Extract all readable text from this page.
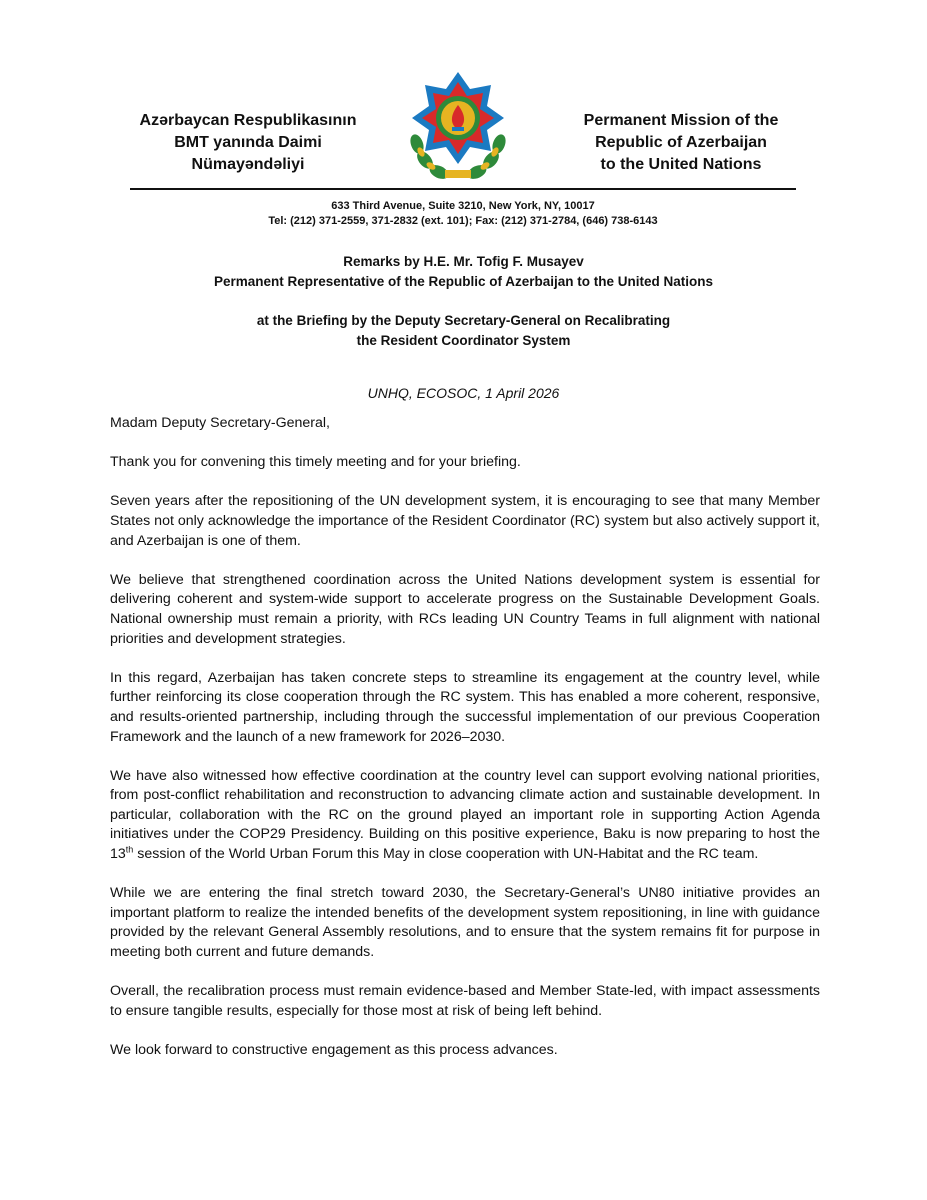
Azərbaycan Respublikasının
BMT yanında Daimi
Nümayəndəliyi
Permanent Mission of the
Republic of Azerbaijan
to the United Nations
633 Third Avenue, Suite 3210, New York, NY, 10017
Tel: (212) 371-2559, 371-2832 (ext. 101); Fax: (212) 371-2784, (646) 738-6143
Remarks by H.E. Mr. Tofig F. Musayev
Permanent Representative of the Republic of Azerbaijan to the United Nations
at the Briefing by the Deputy Secretary-General on Recalibrating
the Resident Coordinator System
UNHQ, ECOSOC, 1 April 2026

Madam Deputy Secretary-General,

Thank you for convening this timely meeting and for your briefing.

Seven years after the repositioning of the UN development system, it is encouraging to see that many Member States not only acknowledge the importance of the Resident Coordinator (RC) system but also actively support it, and Azerbaijan is one of them.

We believe that strengthened coordination across the United Nations development system is essential for delivering coherent and system-wide support to accelerate progress on the Sustainable Development Goals. National ownership must remain a priority, with RCs leading UN Country Teams in full alignment with national priorities and development strategies.

In this regard, Azerbaijan has taken concrete steps to streamline its engagement at the country level, while further reinforcing its close cooperation through the RC system. This has enabled a more coherent, responsive, and results-oriented partnership, including through the successful implementation of our previous Cooperation Framework and the launch of a new framework for 2026–2030.

We have also witnessed how effective coordination at the country level can support evolving national priorities, from post-conflict rehabilitation and reconstruction to advancing climate action and sustainable development. In particular, collaboration with the RC on the ground played an important role in supporting Action Agenda initiatives under the COP29 Presidency. Building on this positive experience, Baku is now preparing to host the 13th session of the World Urban Forum this May in close cooperation with UN-Habitat and the RC team.

While we are entering the final stretch toward 2030, the Secretary-General’s UN80 initiative provides an important platform to realize the intended benefits of the development system repositioning, in line with guidance provided by the relevant General Assembly resolutions, and to ensure that the system remains fit for purpose in meeting both current and future demands.

Overall, the recalibration process must remain evidence-based and Member State-led, with impact assessments to ensure tangible results, especially for those most at risk of being left behind.

We look forward to constructive engagement as this process advances.
